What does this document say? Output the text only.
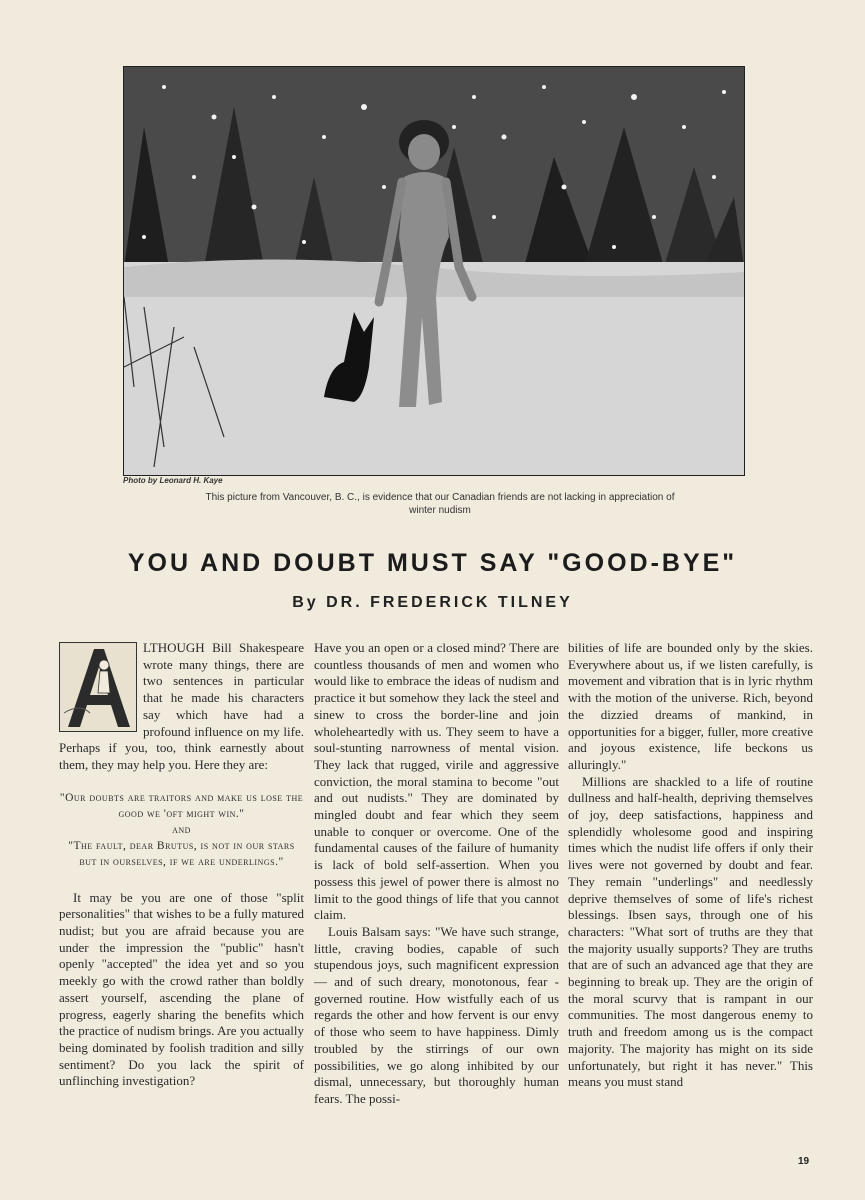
Photo by Leonard H. Kaye
This picture from Vancouver, B. C., is evidence that our Canadian friends are not lacking in appreciation of winter nudism
YOU AND DOUBT MUST SAY "GOOD-BYE"
By DR. FREDERICK TILNEY

LTHOUGH Bill Shakespeare wrote many things, there are two sentences in particular that he made his characters say which have had a profound influence on my life. Perhaps if you, too, think earnestly about them, they may help you. Here they are:

"Our doubts are traitors and make us lose the good we 'oft might win."
and
"The fault, dear Brutus, is not in our stars but in ourselves, if we are underlings."

It may be you are one of those "split personalities" that wishes to be a fully matured nudist; but you are afraid because you are under the impression the "public" hasn't openly "accepted" the idea yet and so you meekly go with the crowd rather than boldly assert yourself, ascending the plane of progress, eagerly sharing the benefits which the practice of nudism brings. Are you actually being dominated by foolish tradition and silly sentiment? Do you lack the spirit of unflinching investigation?

Have you an open or a closed mind? There are countless thousands of men and women who would like to embrace the ideas of nudism and practice it but somehow they lack the steel and sinew to cross the border-line and join wholeheartedly with us. They seem to have a soul-stunting narrowness of mental vision. They lack that rugged, virile and aggressive conviction, the moral stamina to become "out and out nudists." They are dominated by mingled doubt and fear which they seem unable to conquer or overcome. One of the fundamental causes of the failure of humanity is lack of bold self-assertion. When you possess this jewel of power there is almost no limit to the good things of life that you cannot claim.

Louis Balsam says: "We have such strange, little, craving bodies, capable of such stupendous joys, such magnificent expression — and of such dreary, monotonous, fear - governed routine. How wistfully each of us regards the other and how fervent is our envy of those who seem to have happiness. Dimly troubled by the stirrings of our own possibilities, we go along inhibited by our dismal, unnecessary, but thoroughly human fears. The possi-

bilities of life are bounded only by the skies. Everywhere about us, if we listen carefully, is movement and vibration that is in lyric rhythm with the motion of the universe. Rich, beyond the dizzied dreams of mankind, in opportunities for a bigger, fuller, more creative and joyous existence, life beckons us alluringly."

Millions are shackled to a life of routine dullness and half-health, depriving themselves of joy, deep satisfactions, happiness and splendidly wholesome good and inspiring times which the nudist life offers if only their lives were not governed by doubt and fear. They remain "underlings" and needlessly deprive themselves of some of life's richest blessings. Ibsen says, through one of his characters: "What sort of truths are they that the majority usually supports? They are truths that are of such an advanced age that they are beginning to break up. They are the origin of the moral scurvy that is rampant in our communities. The most dangerous enemy to truth and freedom among us is the compact majority. The majority has might on its side unfortunately, but right it has never." This means you must stand

19
